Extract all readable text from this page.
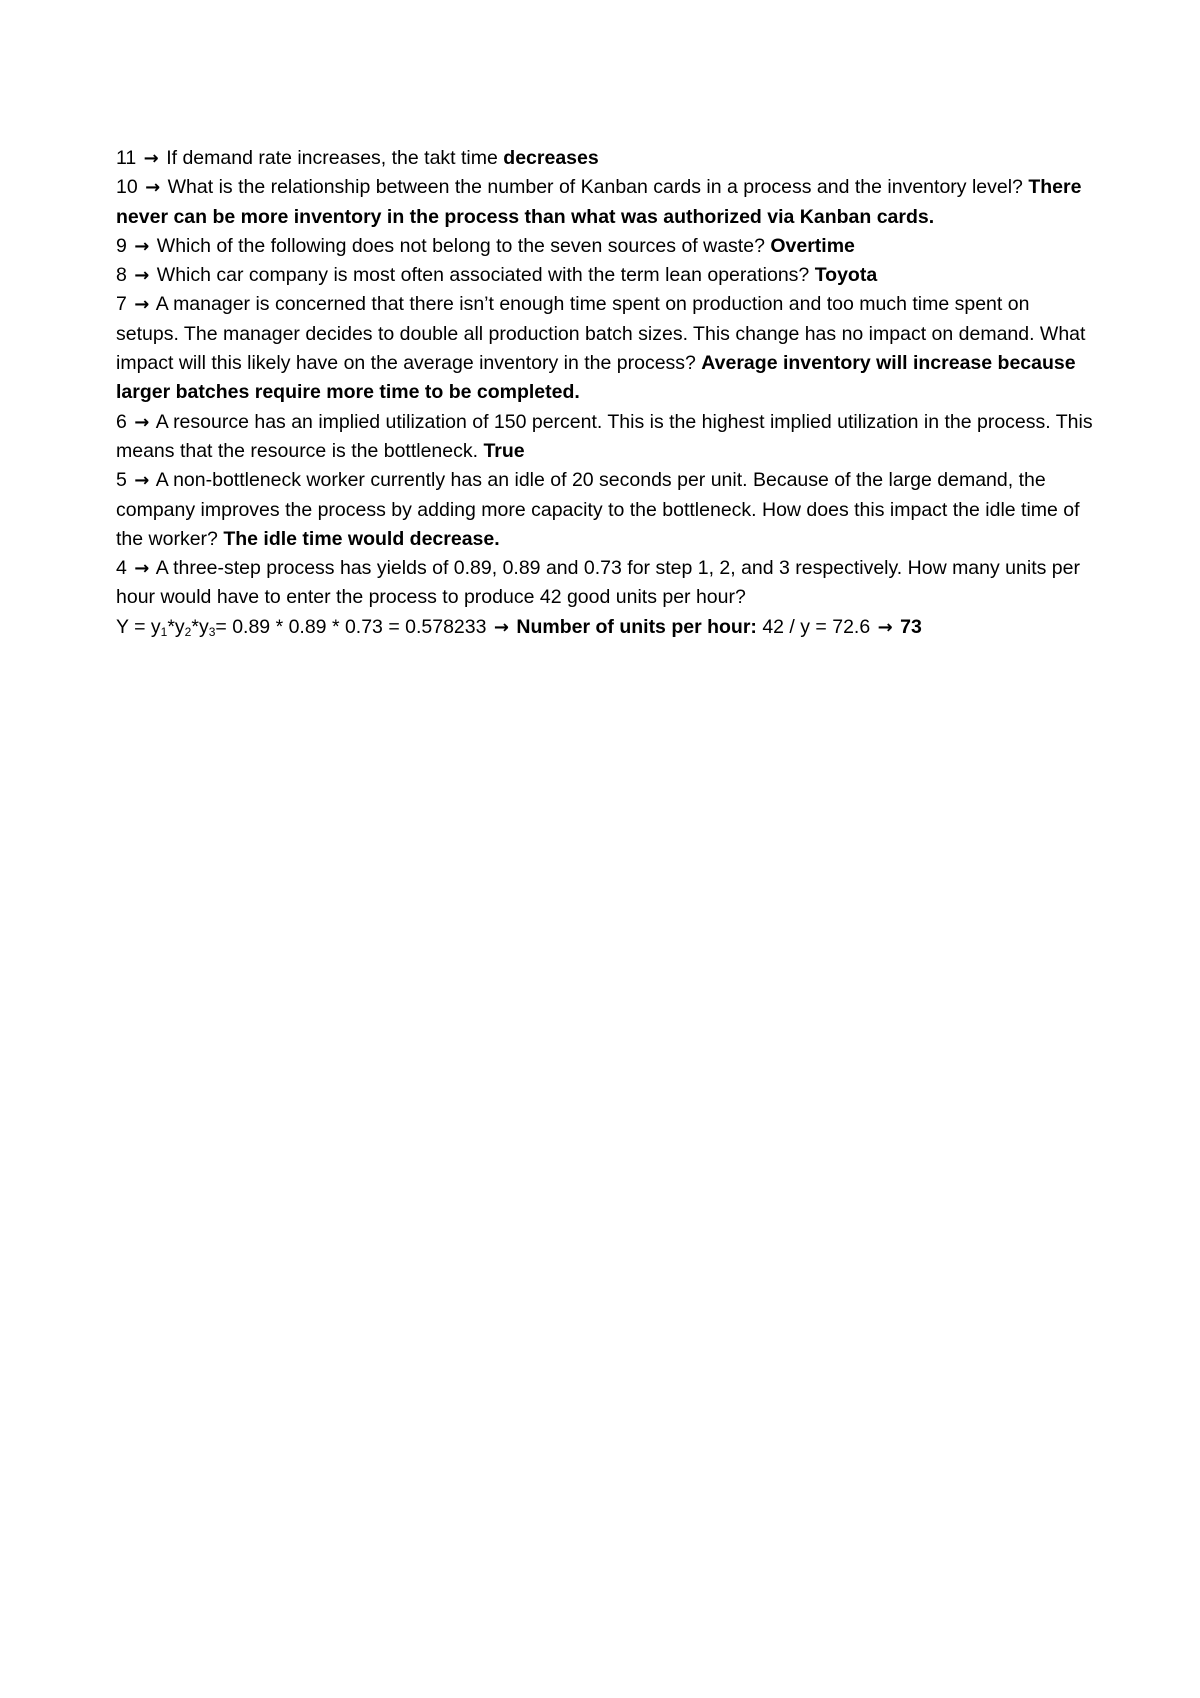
11 → If demand rate increases, the takt time decreases

10 → What is the relationship between the number of Kanban cards in a process and the inventory level? There never can be more inventory in the process than what was authorized via Kanban cards.

9 → Which of the following does not belong to the seven sources of waste? Overtime

8 → Which car company is most often associated with the term lean operations? Toyota

7 → A manager is concerned that there isn’t enough time spent on production and too much time spent on setups. The manager decides to double all production batch sizes. This change has no impact on demand. What impact will this likely have on the average inventory in the process? Average inventory will increase because larger batches require more time to be completed.

6 → A resource has an implied utilization of 150 percent. This is the highest implied utilization in the process. This means that the resource is the bottleneck. True

5 → A non-bottleneck worker currently has an idle of 20 seconds per unit. Because of the large demand, the company improves the process by adding more capacity to the bottleneck. How does this impact the idle time of the worker? The idle time would decrease.

4 → A three-step process has yields of 0.89, 0.89 and 0.73 for step 1, 2, and 3 respectively. How many units per hour would have to enter the process to produce 42 good units per hour?

$Y = y_1*y_2*y_3= 0.89 * 0.89 * 0.73 = 0.578233$ → Number of units per hour: 42 / y = 72.6 → 73
